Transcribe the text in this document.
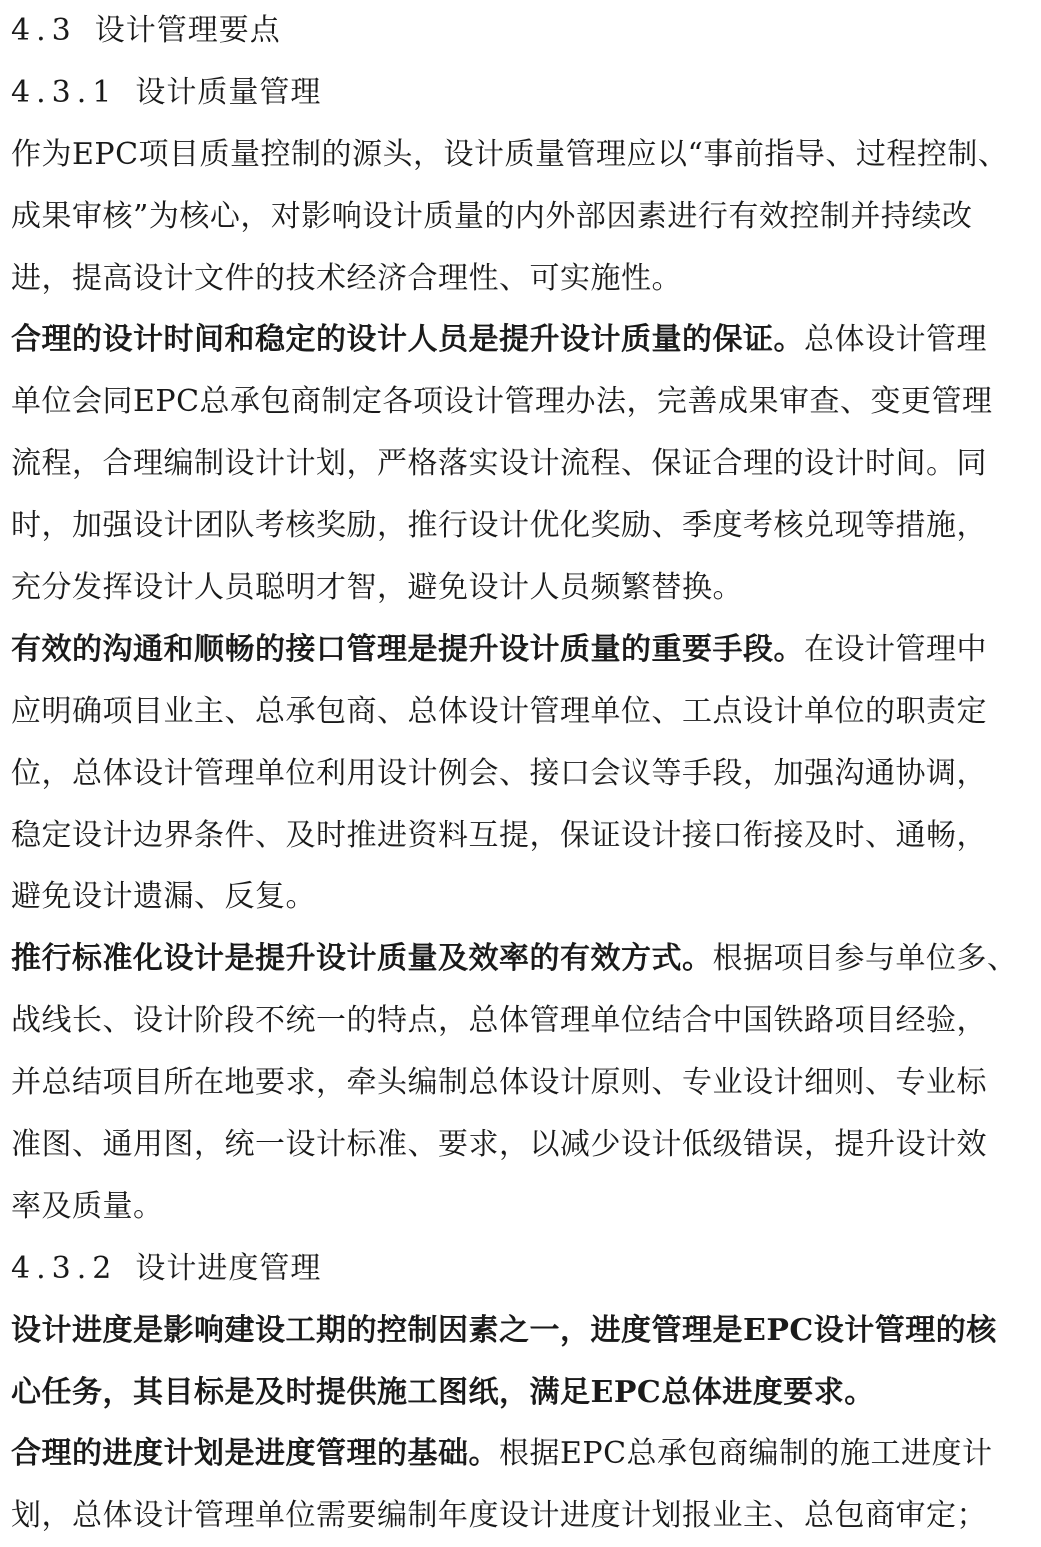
4.3 设计管理要点
4.3.1 设计质量管理
作为EPC项目质量控制的源头，设计质量管理应以“事前指导、过程控制、
成果审核”为核心，对影响设计质量的内外部因素进行有效控制并持续改
进，提高设计文件的技术经济合理性、可实施性。
合理的设计时间和稳定的设计人员是提升设计质量的保证。总体设计管理
单位会同EPC总承包商制定各项设计管理办法，完善成果审查、变更管理
流程，合理编制设计计划，严格落实设计流程、保证合理的设计时间。同
时，加强设计团队考核奖励，推行设计优化奖励、季度考核兑现等措施，
充分发挥设计人员聪明才智，避免设计人员频繁替换。
有效的沟通和顺畅的接口管理是提升设计质量的重要手段。在设计管理中
应明确项目业主、总承包商、总体设计管理单位、工点设计单位的职责定
位，总体设计管理单位利用设计例会、接口会议等手段，加强沟通协调，
稳定设计边界条件、及时推进资料互提，保证设计接口衔接及时、通畅，
避免设计遗漏、反复。
推行标准化设计是提升设计质量及效率的有效方式。根据项目参与单位多、
战线长、设计阶段不统一的特点，总体管理单位结合中国铁路项目经验，
并总结项目所在地要求，牵头编制总体设计原则、专业设计细则、专业标
准图、通用图，统一设计标准、要求，以减少设计低级错误，提升设计效
率及质量。
4.3.2 设计进度管理
设计进度是影响建设工期的控制因素之一，进度管理是EPC设计管理的核
心任务，其目标是及时提供施工图纸，满足EPC总体进度要求。
合理的进度计划是进度管理的基础。根据EPC总承包商编制的施工进度计
划，总体设计管理单位需要编制年度设计进度计划报业主、总包商审定；
